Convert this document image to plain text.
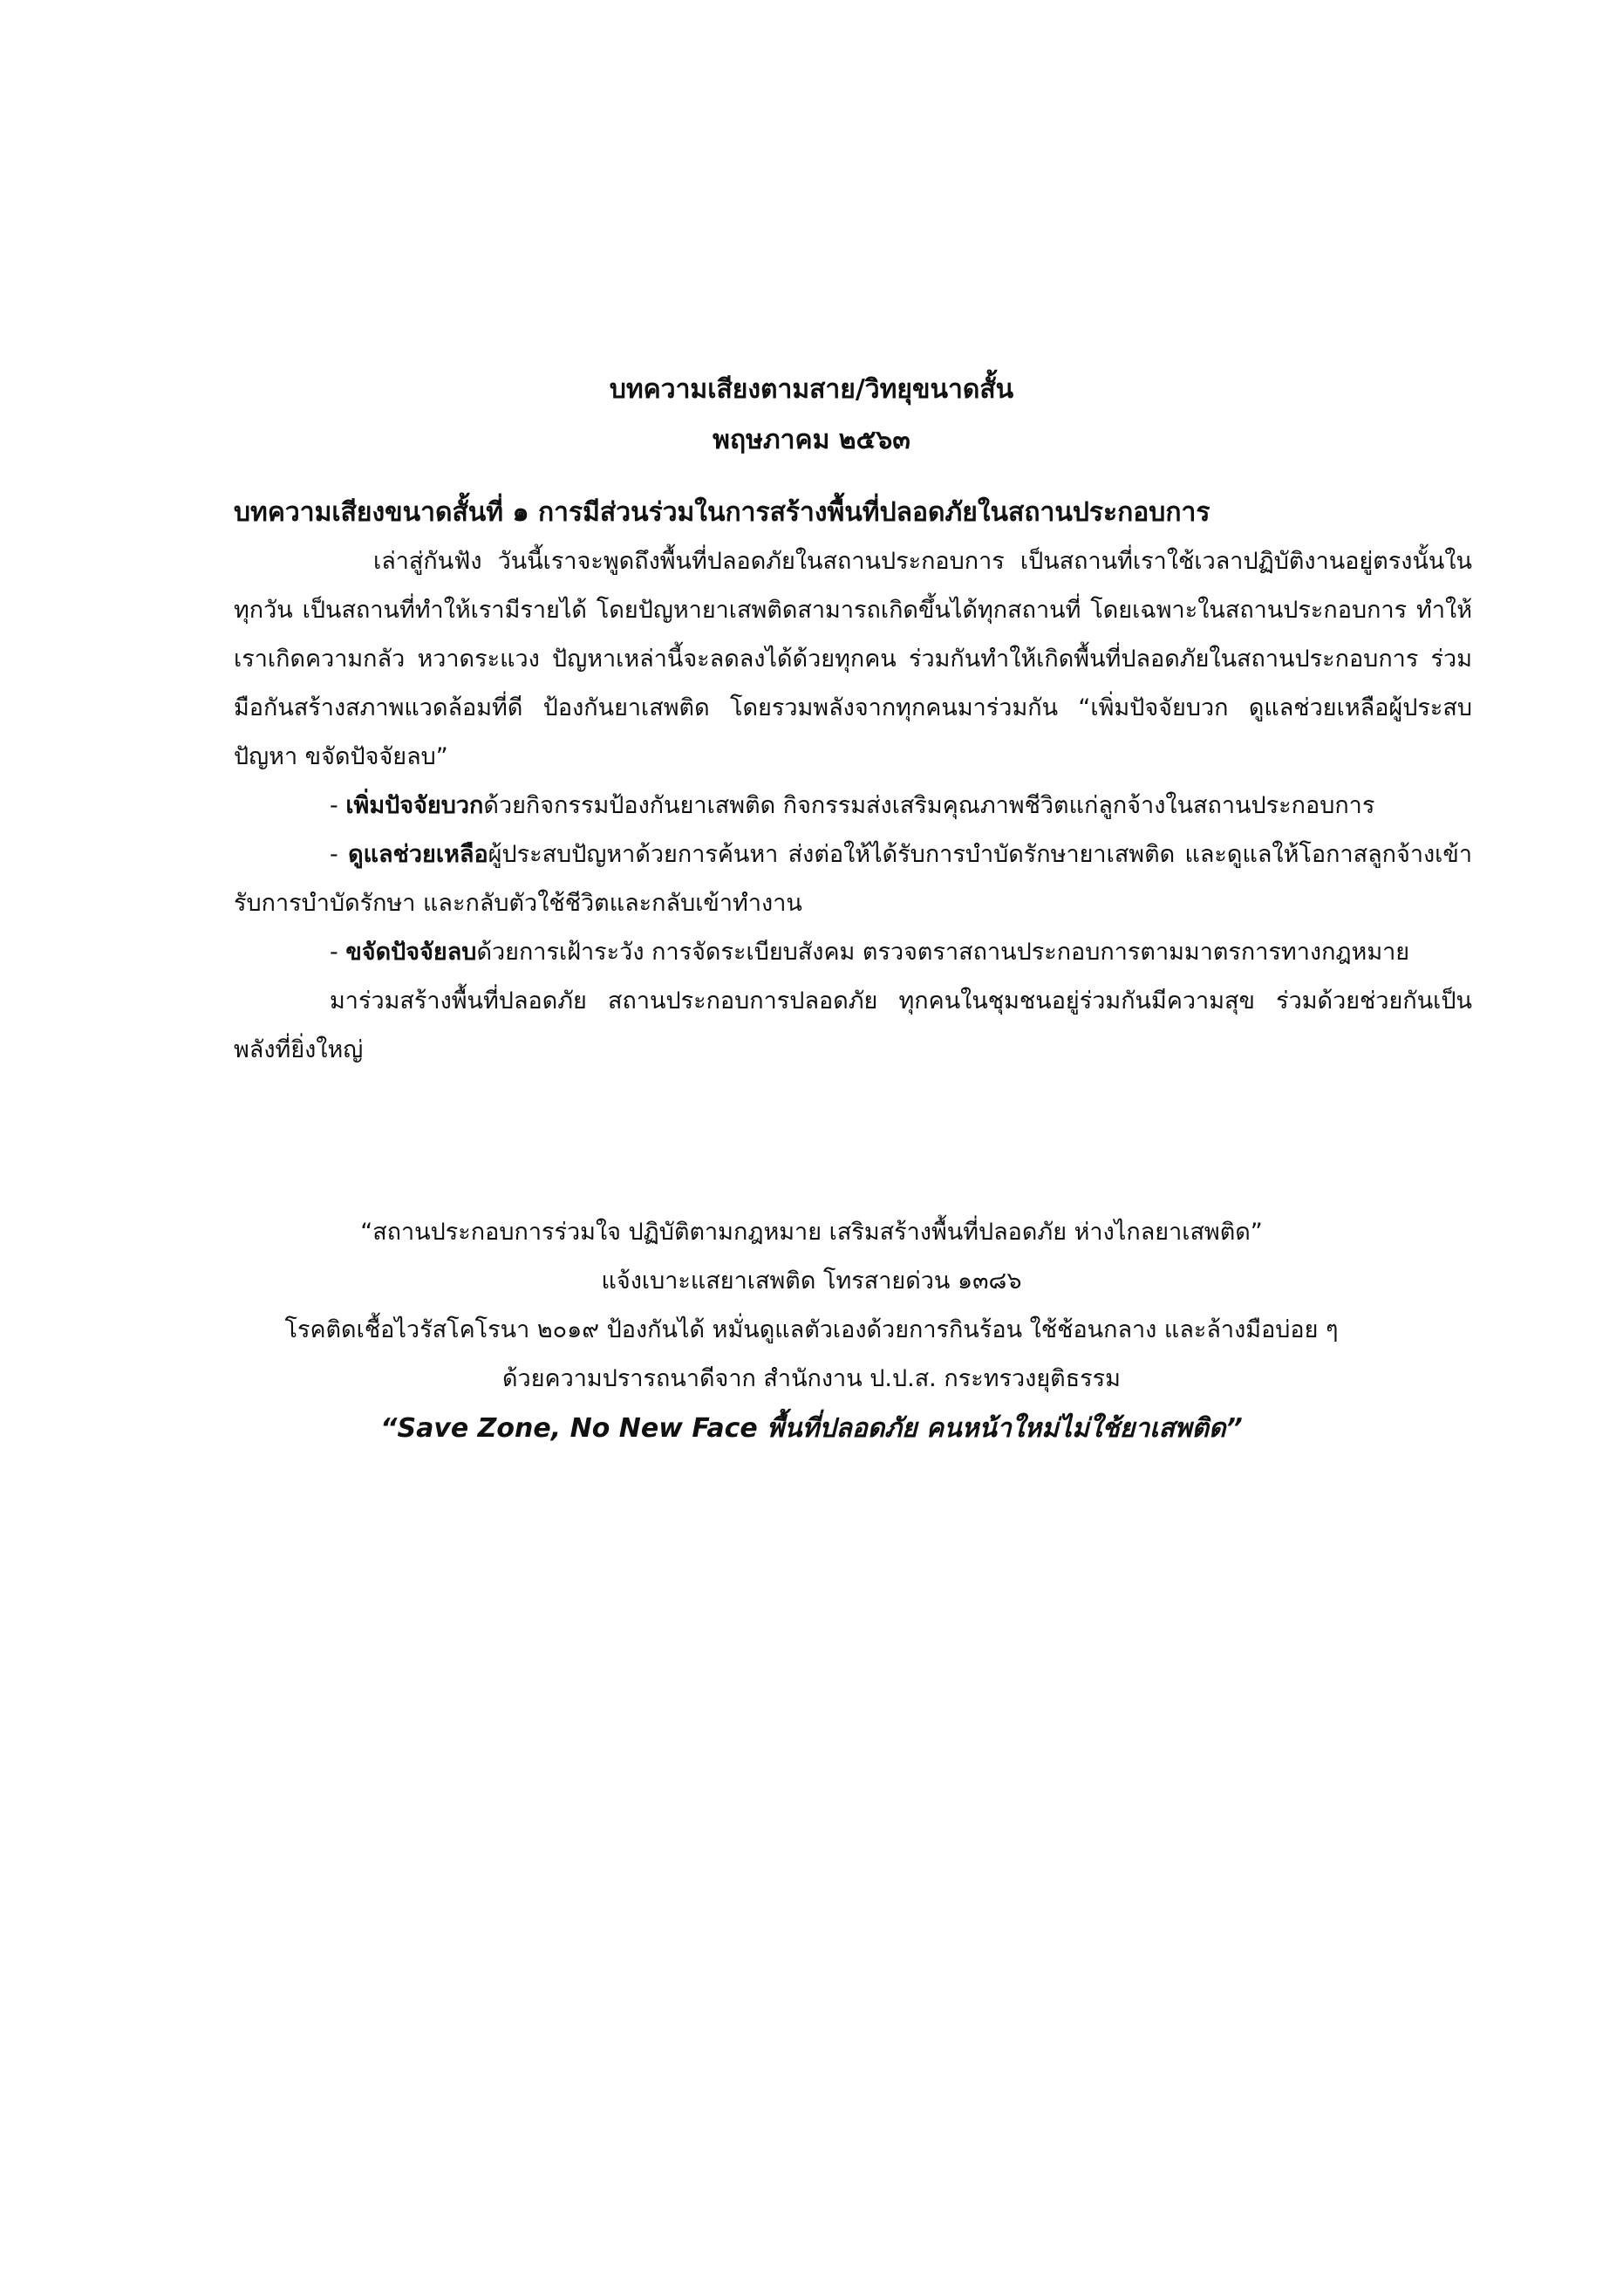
บทความเสียงตามสาย/วิทยุขนาดสั้น
พฤษภาคม ๒๕๖๓
บทความเสียงขนาดสั้นที่ ๑ การมีส่วนร่วมในการสร้างพื้นที่ปลอดภัยในสถานประกอบการ

เล่าสู่กันฟัง วันนี้เราจะพูดถึงพื้นที่ปลอดภัยในสถานประกอบการ เป็นสถานที่เราใช้เวลาปฏิบัติงานอยู่ตรงนั้นในทุกวัน เป็นสถานที่ทำให้เรามีรายได้ โดยปัญหายาเสพติดสามารถเกิดขึ้นได้ทุกสถานที่ โดยเฉพาะในสถานประกอบการ ทำให้เราเกิดความกลัว หวาดระแวง ปัญหาเหล่านี้จะลดลงได้ด้วยทุกคน ร่วมกันทำให้เกิดพื้นที่ปลอดภัยในสถานประกอบการ ร่วมมือกันสร้างสภาพแวดล้อมที่ดี ป้องกันยาเสพติด โดยรวมพลังจากทุกคนมาร่วมกัน “เพิ่มปัจจัยบวก ดูแลช่วยเหลือผู้ประสบปัญหา ขจัดปัจจัยลบ”

- เพิ่มปัจจัยบวกด้วยกิจกรรมป้องกันยาเสพติด กิจกรรมส่งเสริมคุณภาพชีวิตแก่ลูกจ้างในสถานประกอบการ

- ดูแลช่วยเหลือผู้ประสบปัญหาด้วยการค้นหา ส่งต่อให้ได้รับการบำบัดรักษายาเสพติด และดูแลให้โอกาสลูกจ้างเข้ารับการบำบัดรักษา และกลับตัวใช้ชีวิตและกลับเข้าทำงาน

- ขจัดปัจจัยลบด้วยการเฝ้าระวัง การจัดระเบียบสังคม ตรวจตราสถานประกอบการตามมาตรการทางกฎหมาย

มาร่วมสร้างพื้นที่ปลอดภัย สถานประกอบการปลอดภัย ทุกคนในชุมชนอยู่ร่วมกันมีความสุข ร่วมด้วยช่วยกันเป็นพลังที่ยิ่งใหญ่

“สถานประกอบการร่วมใจ ปฏิบัติตามกฎหมาย เสริมสร้างพื้นที่ปลอดภัย ห่างไกลยาเสพติด”
แจ้งเบาะแสยาเสพติด โทรสายด่วน ๑๓๘๖
โรคติดเชื้อไวรัสโคโรนา ๒๐๑๙ ป้องกันได้ หมั่นดูแลตัวเองด้วยการกินร้อน ใช้ช้อนกลาง และล้างมือบ่อย ๆ
ด้วยความปรารถนาดีจาก สำนักงาน ป.ป.ส. กระทรวงยุติธรรม
“Save Zone, No New Face พื้นที่ปลอดภัย คนหน้าใหม่ไม่ใช้ยาเสพติด”
